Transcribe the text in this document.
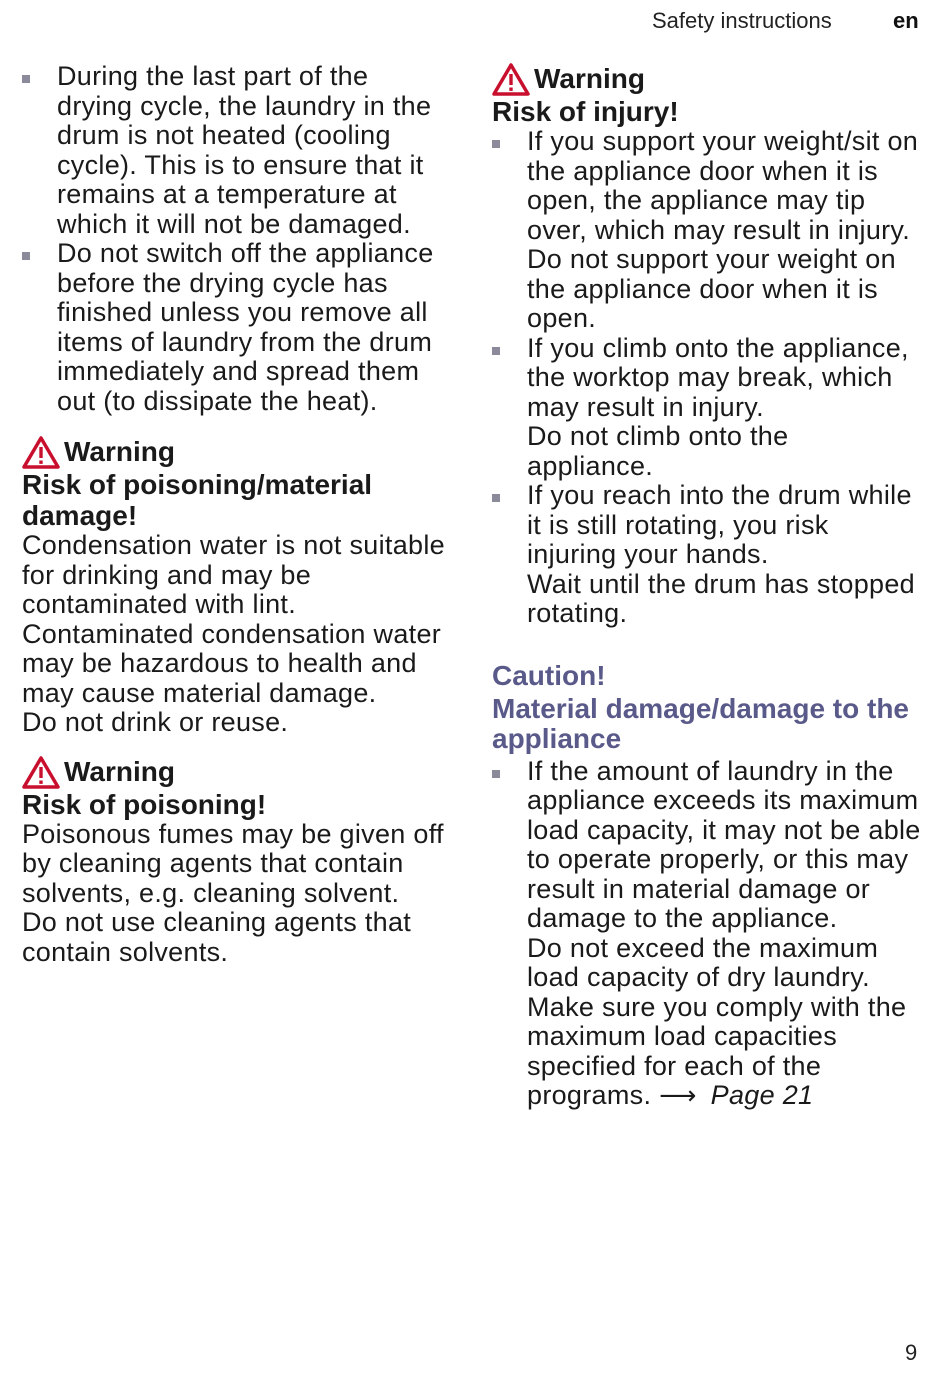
Safety instructions	en
During the last part of the drying cycle, the laundry in the drum is not heated (cooling cycle). This is to ensure that it remains at a temperature at which it will not be damaged.
Do not switch off the appliance before the drying cycle has finished unless you remove all items of laundry from the drum immediately and spread them out (to dissipate the heat).
Warning
Risk of poisoning/material damage!

Condensation water is not suitable for drinking and may be contaminated with lint. Contaminated condensation water may be hazardous to health and may cause material damage.

Do not drink or reuse.

Warning
Risk of poisoning!

Poisonous fumes may be given off by cleaning agents that contain solvents, e.g. cleaning solvent.

Do not use cleaning agents that contain solvents.

Warning
Risk of injury!
If you support your weight/sit on the appliance door when it is open, the appliance may tip over, which may result in injury.
Do not support your weight on the appliance door when it is open.
If you climb onto the appliance, the worktop may break, which may result in injury.
Do not climb onto the appliance.
If you reach into the drum while it is still rotating, you risk injuring your hands.
Wait until the drum has stopped rotating.
Caution!
Material damage/damage to the appliance
If the amount of laundry in the appliance exceeds its maximum load capacity, it may not be able to operate properly, or this may result in material damage or damage to the appliance.
Do not exceed the maximum load capacity of dry laundry. Make sure you comply with the maximum load capacities specified for each of the programs. ⟶ Page 21
9
